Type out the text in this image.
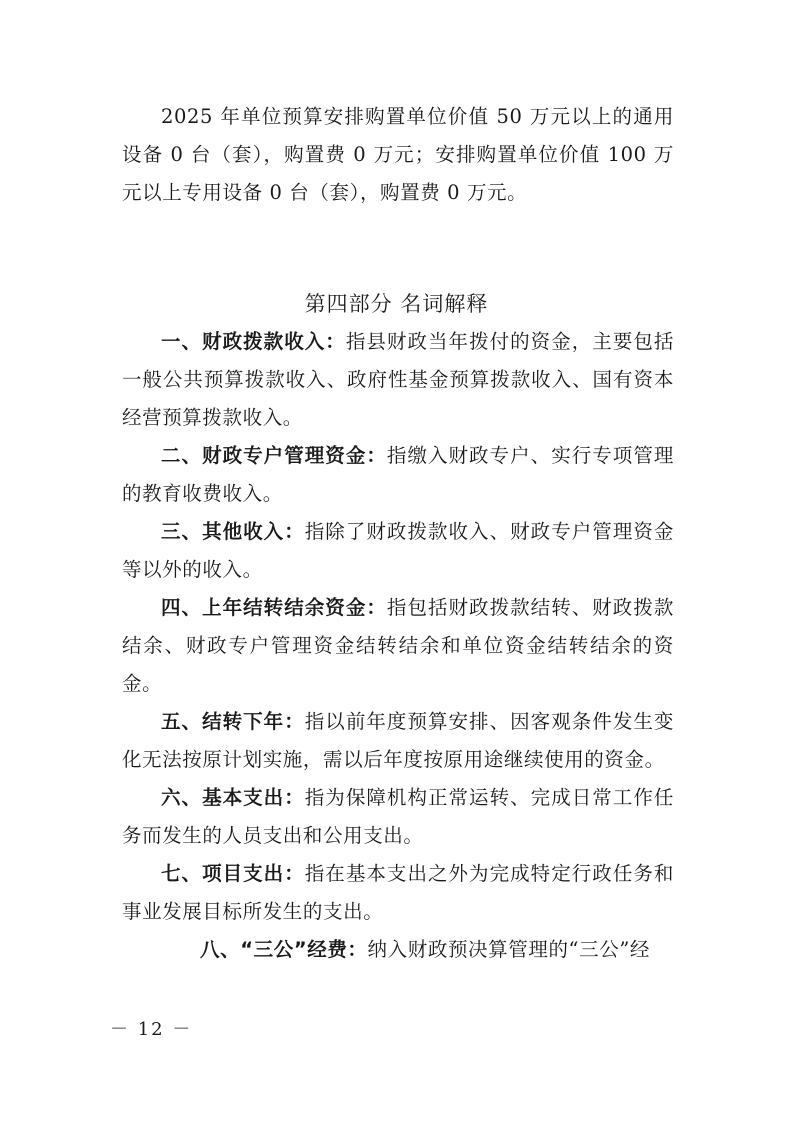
2025 年单位预算安排购置单位价值 50 万元以上的通用设备 0 台（套），购置费 0 万元；安排购置单位价值 100 万元以上专用设备 0 台（套），购置费 0 万元。

第四部分 名词解释

一、财政拨款收入：指县财政当年拨付的资金，主要包括一般公共预算拨款收入、政府性基金预算拨款收入、国有资本经营预算拨款收入。

二、财政专户管理资金：指缴入财政专户、实行专项管理的教育收费收入。

三、其他收入：指除了财政拨款收入、财政专户管理资金等以外的收入。

四、上年结转结余资金：指包括财政拨款结转、财政拨款结余、财政专户管理资金结转结余和单位资金结转结余的资金。

五、结转下年：指以前年度预算安排、因客观条件发生变化无法按原计划实施，需以后年度按原用途继续使用的资金。

六、基本支出：指为保障机构正常运转、完成日常工作任务而发生的人员支出和公用支出。

七、项目支出：指在基本支出之外为完成特定行政任务和事业发展目标所发生的支出。

八、“三公”经费：纳入财政预决算管理的“三公”经

－ 12 －
